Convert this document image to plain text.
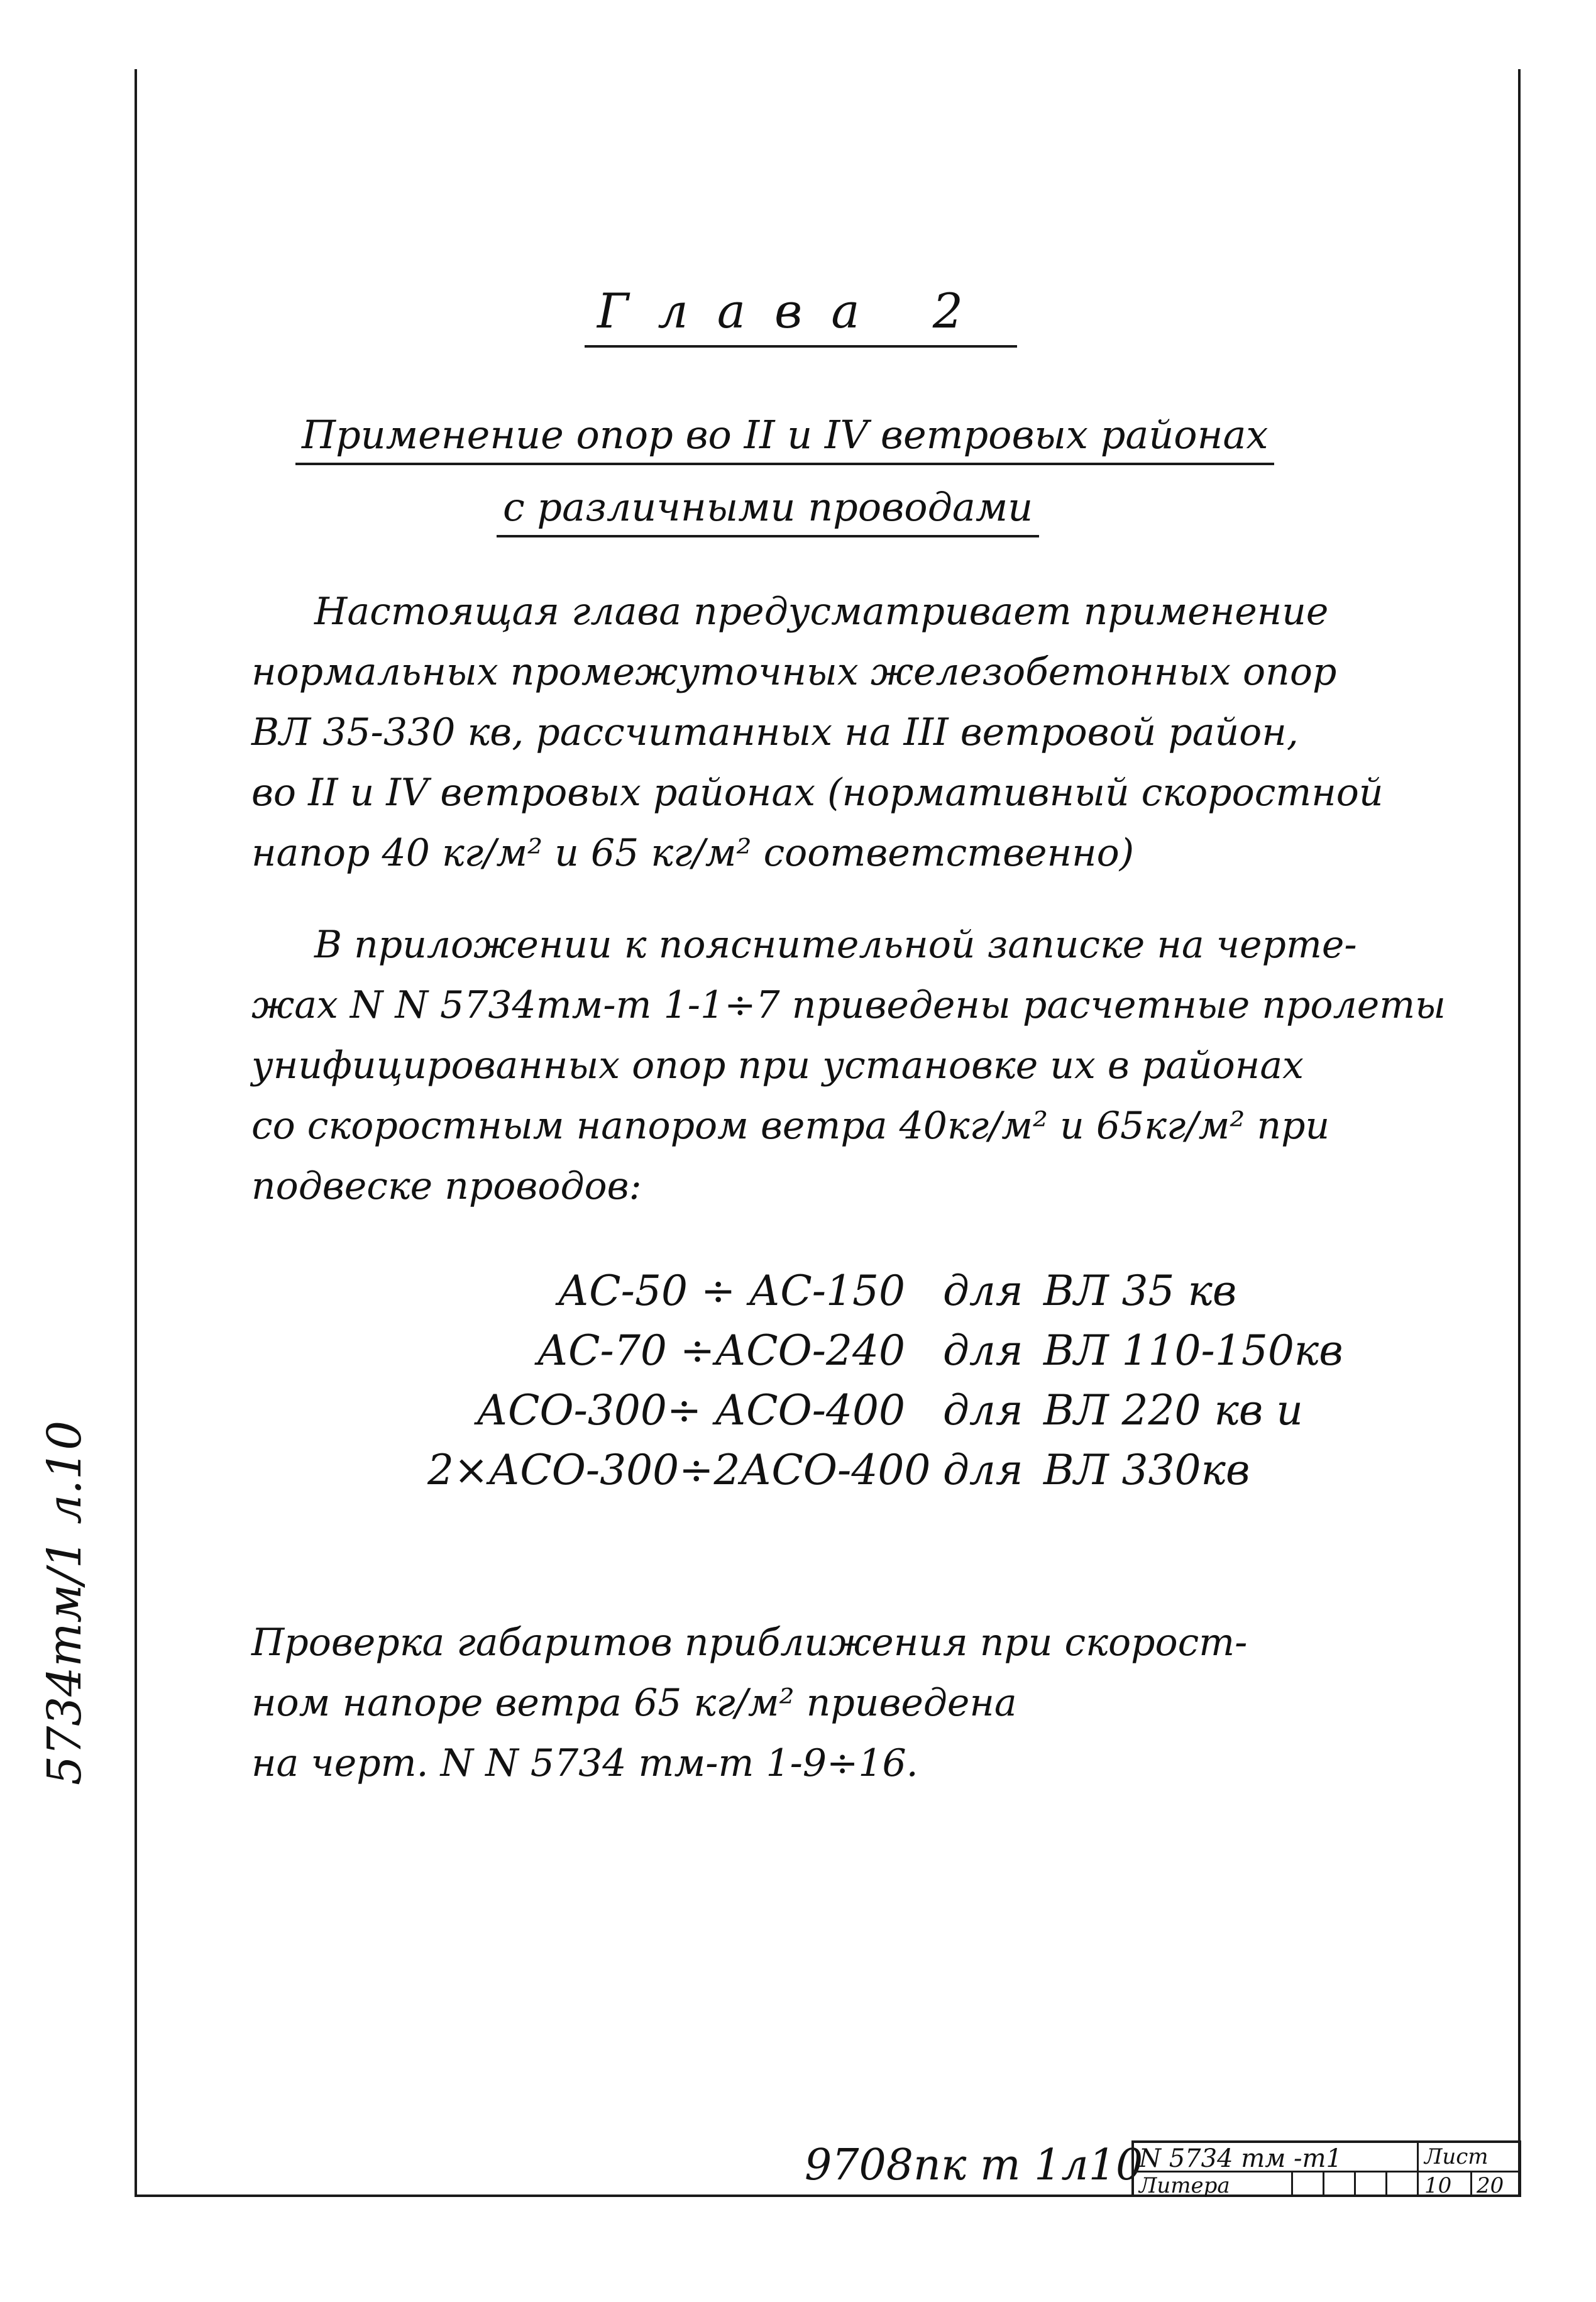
Глава 2
Применение опор во II и IV ветровых районах
с различными проводами
Настоящая глава предусматривает применение
нормальных промежуточных железобетонных опор
ВЛ 35-330 кв, рассчитанных на III ветровой район,
во II и IV ветровых районах (нормативный скоростной
напор 40 кг/м² и 65 кг/м² соответственно)
В приложении к пояснительной записке на черте-
жах N N 5734тм-т 1-1÷7 приведены расчетные пролеты
унифицированных опор при установке их в районах
со скоростным напором ветра 40кг/м² и 65кг/м² при
подвеске проводов:
АС-50 ÷ АС-150 для ВЛ 35 кв
АС-70 ÷АСО-240 для ВЛ 110-150кв
АСО-300÷ АСО-400 для ВЛ 220 кв и
2×АСО-300÷2АСО-400 для ВЛ 330кв
Проверка габаритов приближения при скорост-
ном напоре ветра 65 кг/м² приведена
на черт. N N 5734 тм-т 1-9÷16.
5734тм/1 л.10
9708пк т 1л10
N 5734 тм -т1	Лист
Литера	10 20
